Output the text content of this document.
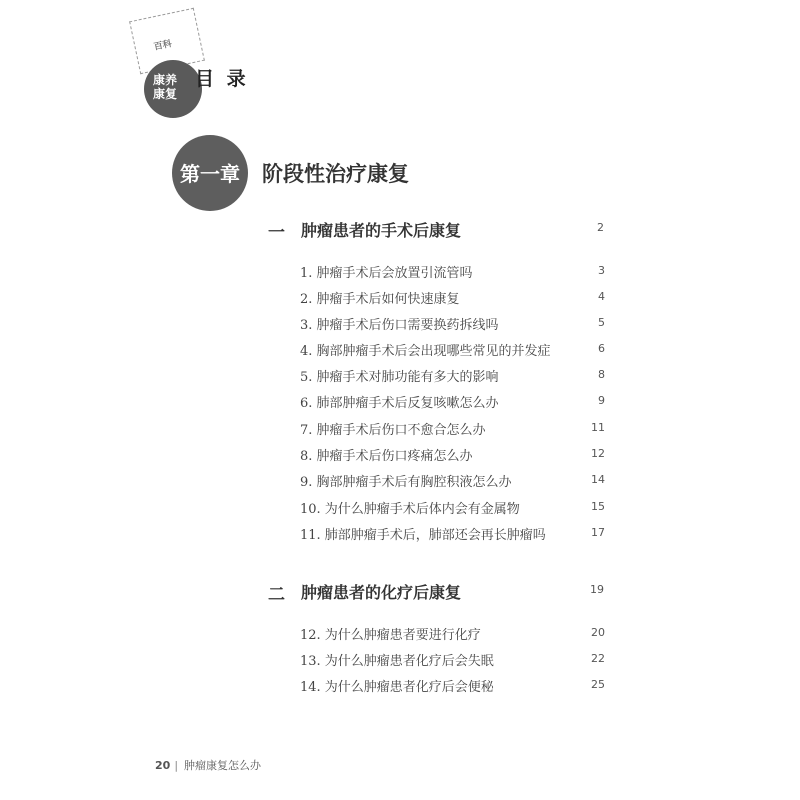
百科
康养
康复
目 录
第一章	阶段性治疗康复
一 肿瘤患者的手术后康复	2
1. 肿瘤手术后会放置引流管吗	3
2. 肿瘤手术后如何快速康复	4
3. 肿瘤手术后伤口需要换药拆线吗	5
4. 胸部肿瘤手术后会出现哪些常见的并发症	6
5. 肿瘤手术对肺功能有多大的影响	8
6. 肺部肿瘤手术后反复咳嗽怎么办	9
7. 肿瘤手术后伤口不愈合怎么办	11
8. 肿瘤手术后伤口疼痛怎么办	12
9. 胸部肿瘤手术后有胸腔积液怎么办	14
10. 为什么肿瘤手术后体内会有金属物	15
11. 肺部肿瘤手术后，肺部还会再长肿瘤吗	17
二 肿瘤患者的化疗后康复	19
12. 为什么肿瘤患者要进行化疗	20
13. 为什么肿瘤患者化疗后会失眠	22
14. 为什么肿瘤患者化疗后会便秘	25
20 | 肿瘤康复怎么办
